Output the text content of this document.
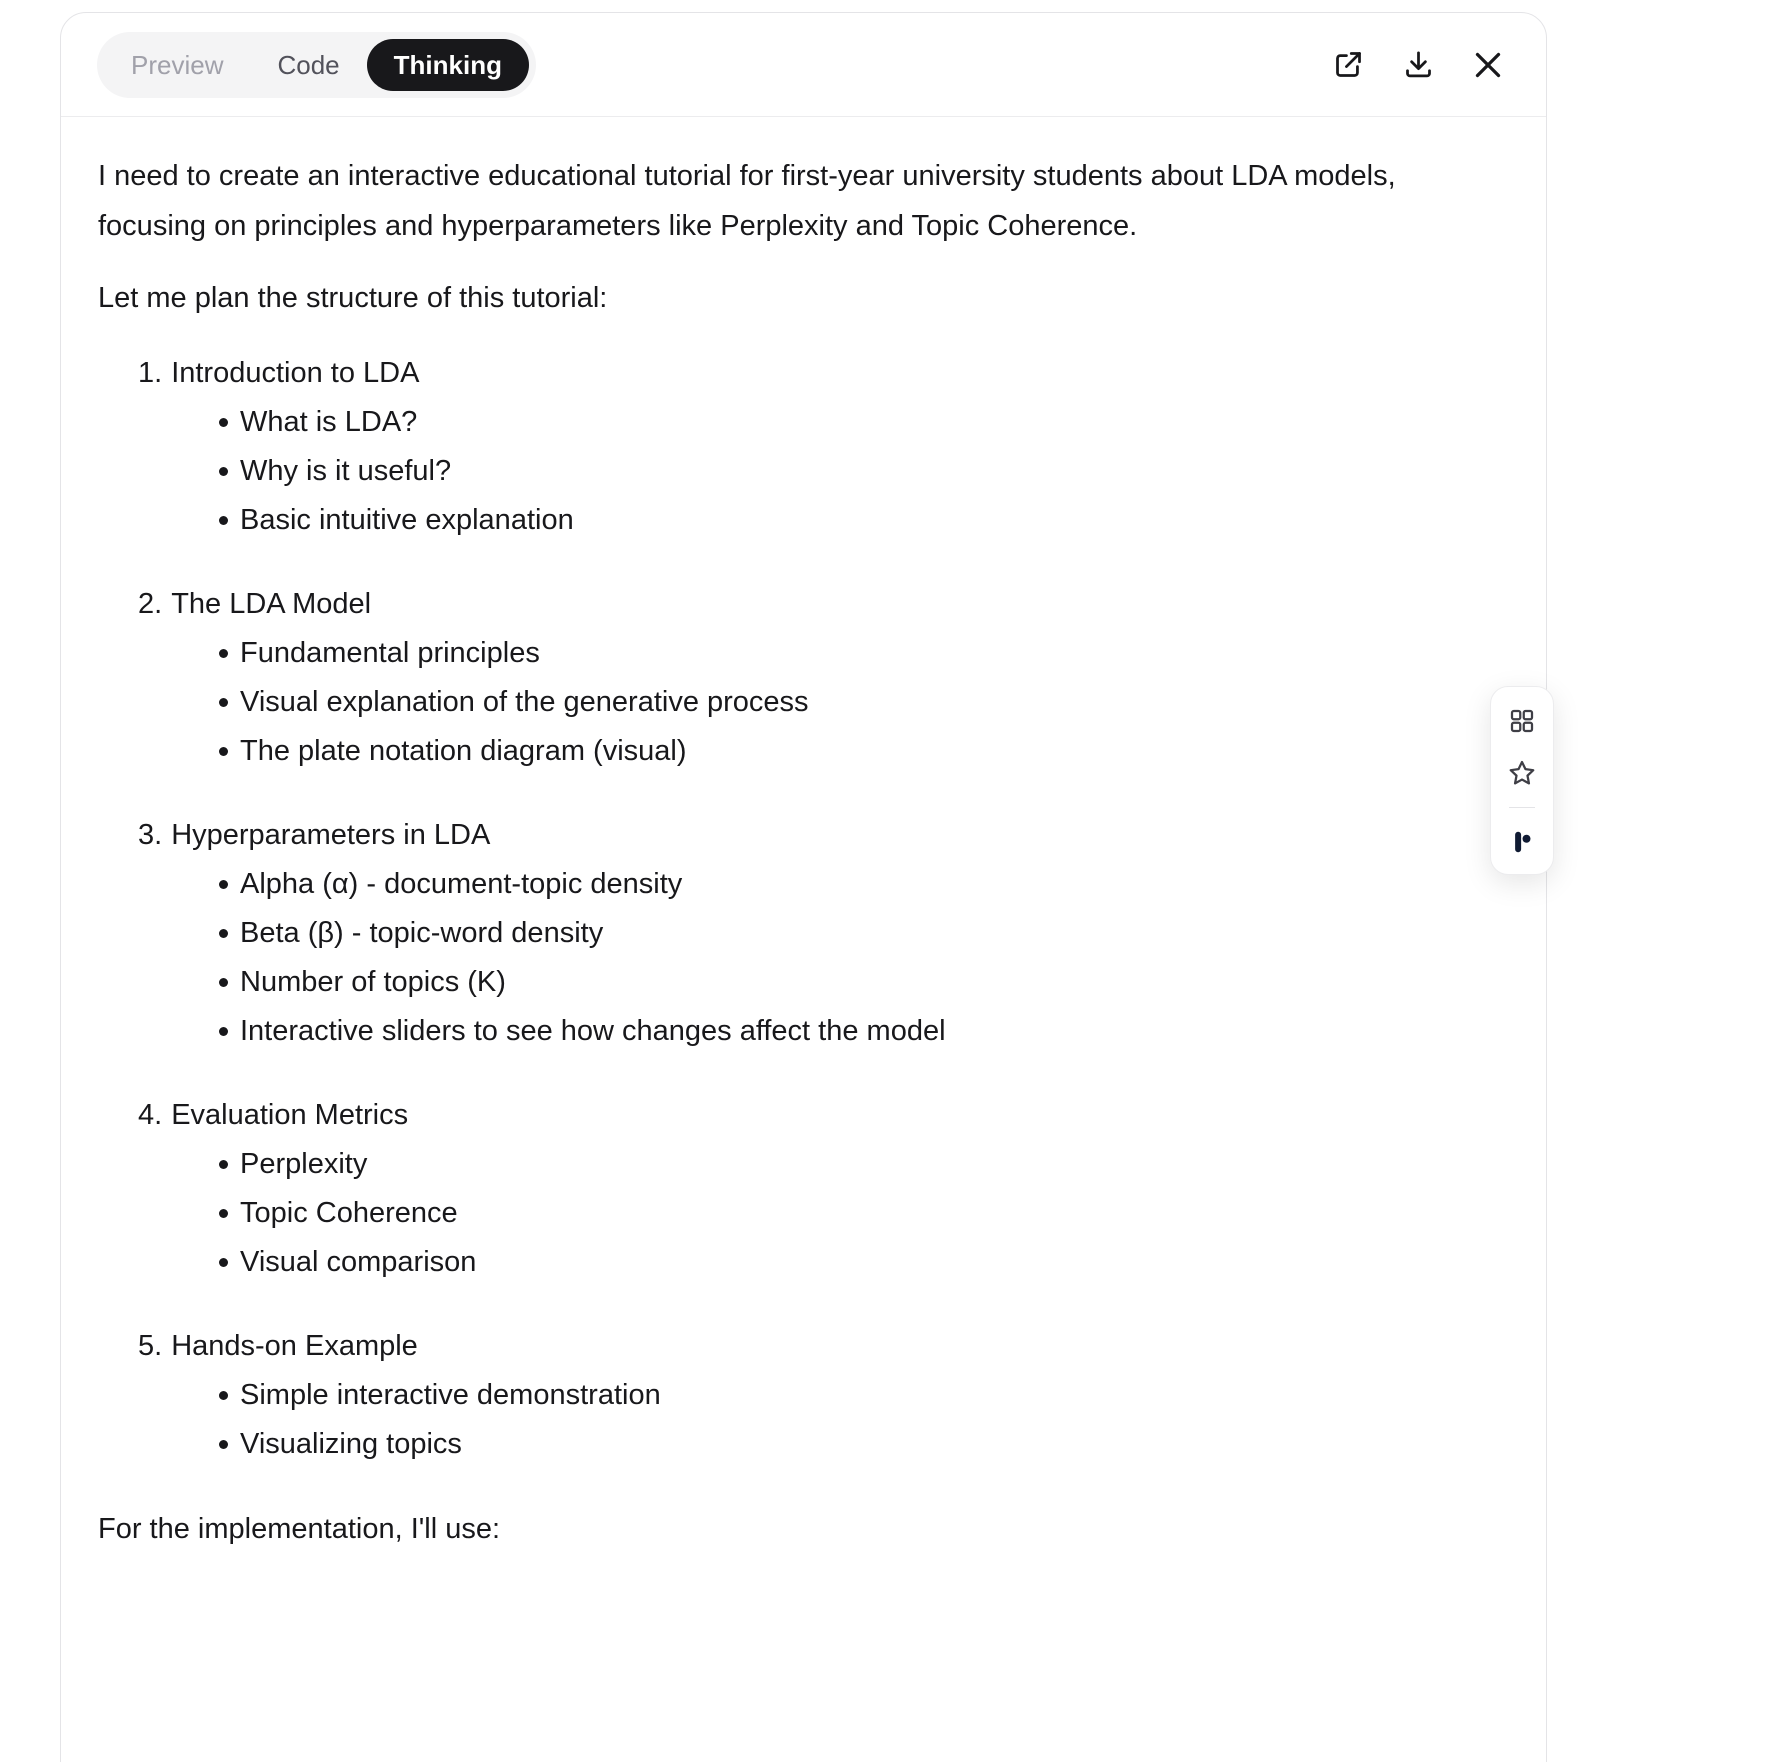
Preview	Code	Thinking

I need to create an interactive educational tutorial for first-year university students about LDA models, focusing on principles and hyperparameters like Perplexity and Topic Coherence.

Let me plan the structure of this tutorial:

1. Introduction to LDA
What is LDA?
Why is it useful?
Basic intuitive explanation
2. The LDA Model
Fundamental principles
Visual explanation of the generative process
The plate notation diagram (visual)
3. Hyperparameters in LDA
Alpha (α) - document-topic density
Beta (β) - topic-word density
Number of topics (K)
Interactive sliders to see how changes affect the model
4. Evaluation Metrics
Perplexity
Topic Coherence
Visual comparison
5. Hands-on Example
Simple interactive demonstration
Visualizing topics

For the implementation, I'll use:
